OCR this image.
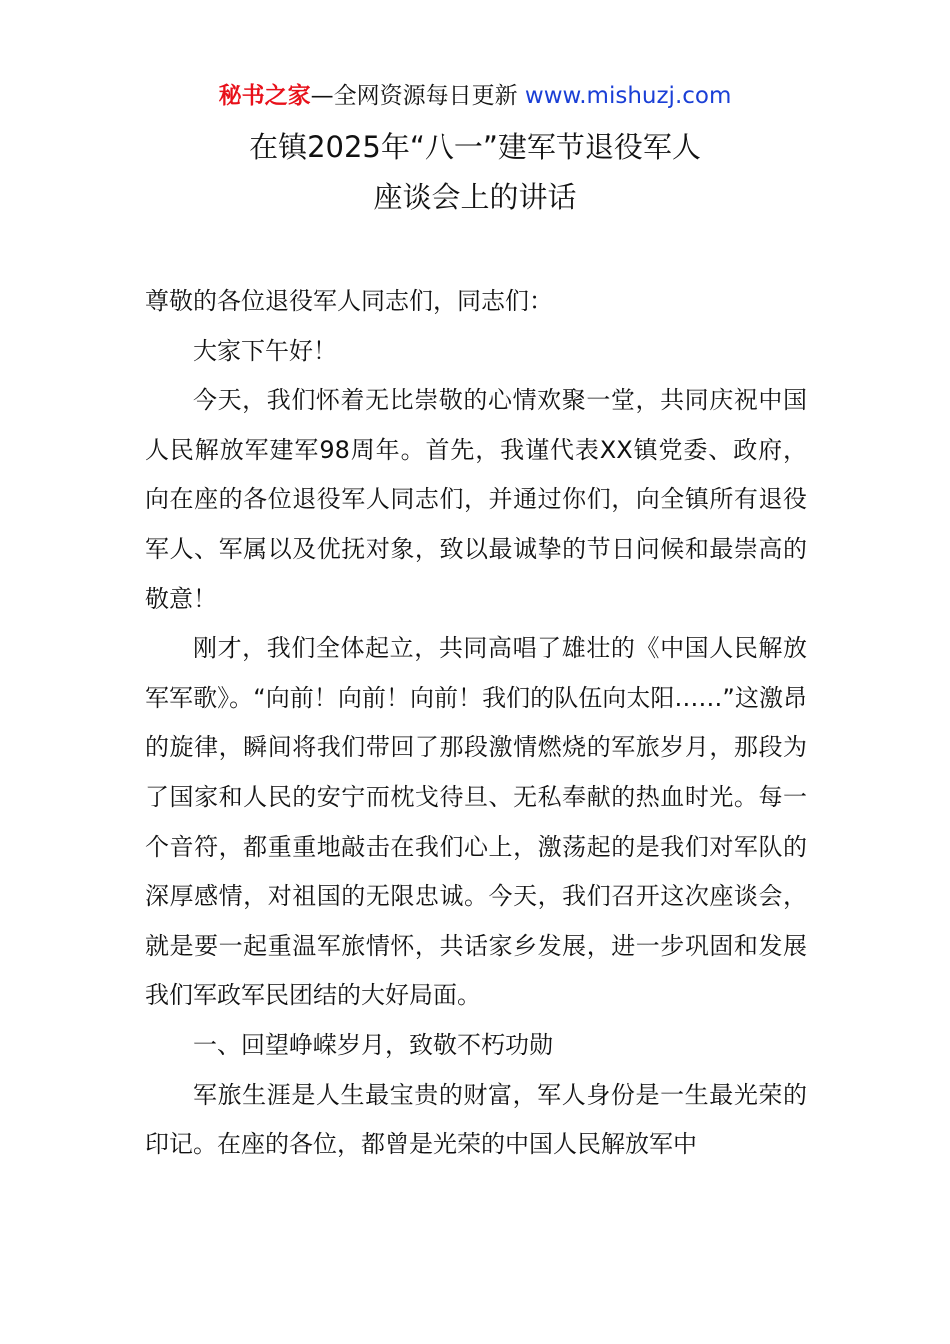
秘书之家—全网资源每日更新 www.mishuzj.com
在镇2025年“八一”建军节退役军人
座谈会上的讲话

尊敬的各位退役军人同志们，同志们：

大家下午好！

今天，我们怀着无比崇敬的心情欢聚一堂，共同庆祝中国人民解放军建军98周年。首先，我谨代表XX镇党委、政府，向在座的各位退役军人同志们，并通过你们，向全镇所有退役军人、军属以及优抚对象，致以最诚挚的节日问候和最崇高的敬意！

刚才，我们全体起立，共同高唱了雄壮的《中国人民解放军军歌》。“向前！向前！向前！我们的队伍向太阳……”这激昂的旋律，瞬间将我们带回了那段激情燃烧的军旅岁月，那段为了国家和人民的安宁而枕戈待旦、无私奉献的热血时光。每一个音符，都重重地敲击在我们心上，激荡起的是我们对军队的深厚感情，对祖国的无限忠诚。今天，我们召开这次座谈会，就是要一起重温军旅情怀，共话家乡发展，进一步巩固和发展我们军政军民团结的大好局面。

一、回望峥嵘岁月，致敬不朽功勋

军旅生涯是人生最宝贵的财富，军人身份是一生最光荣的印记。在座的各位，都曾是光荣的中国人民解放军中
